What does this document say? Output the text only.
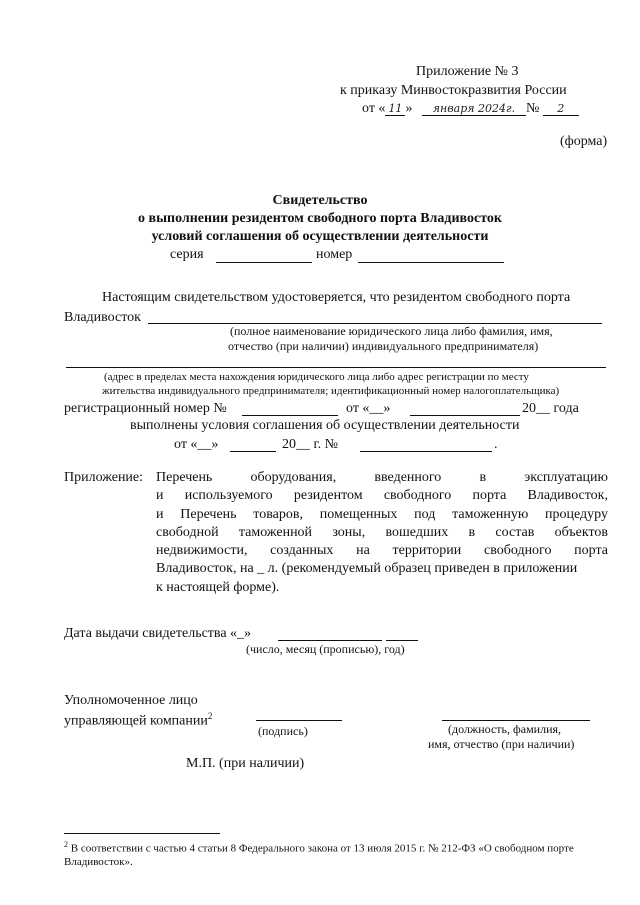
Приложение № 3
к приказу Минвостокразвития России
от « 11 » января 2024г. № 2
(форма)
Свидетельство
о выполнении резидентом свободного порта Владивосток
условий соглашения об осуществлении деятельности
серия	номер
Настоящим свидетельством удостоверяется, что резидентом свободного порта
Владивосток
(полное наименование юридического лица либо фамилия, имя,
отчество (при наличии) индивидуального предпринимателя)
(адрес в пределах места нахождения юридического лица либо адрес регистрации по месту
жительства индивидуального предпринимателя; идентификационный номер налогоплательщика)
регистрационный номер №	от «__»	20__ года
выполнены условия соглашения об осуществлении деятельности
от «__»	20__ г. №	.
Приложение: Перечень оборудования, введенного в эксплуатацию
и используемого резидентом свободного порта Владивосток,
и Перечень товаров, помещенных под таможенную процедуру
свободной таможенной зоны, вошедших в состав объектов
недвижимости, созданных на территории свободного порта
Владивосток, на _ л. (рекомендуемый образец приведен в приложении
к настоящей форме).
Дата выдачи свидетельства «_»
(число, месяц (прописью), год)
Уполномоченное лицо
управляющей компании$^2$
(подпись)	(должность, фамилия,
имя, отчество (при наличии)
М.П. (при наличии)
$^2$ В соответствии с частью 4 статьи 8 Федерального закона от 13 июля 2015 г. № 212-ФЗ «О свободном порте
Владивосток».
